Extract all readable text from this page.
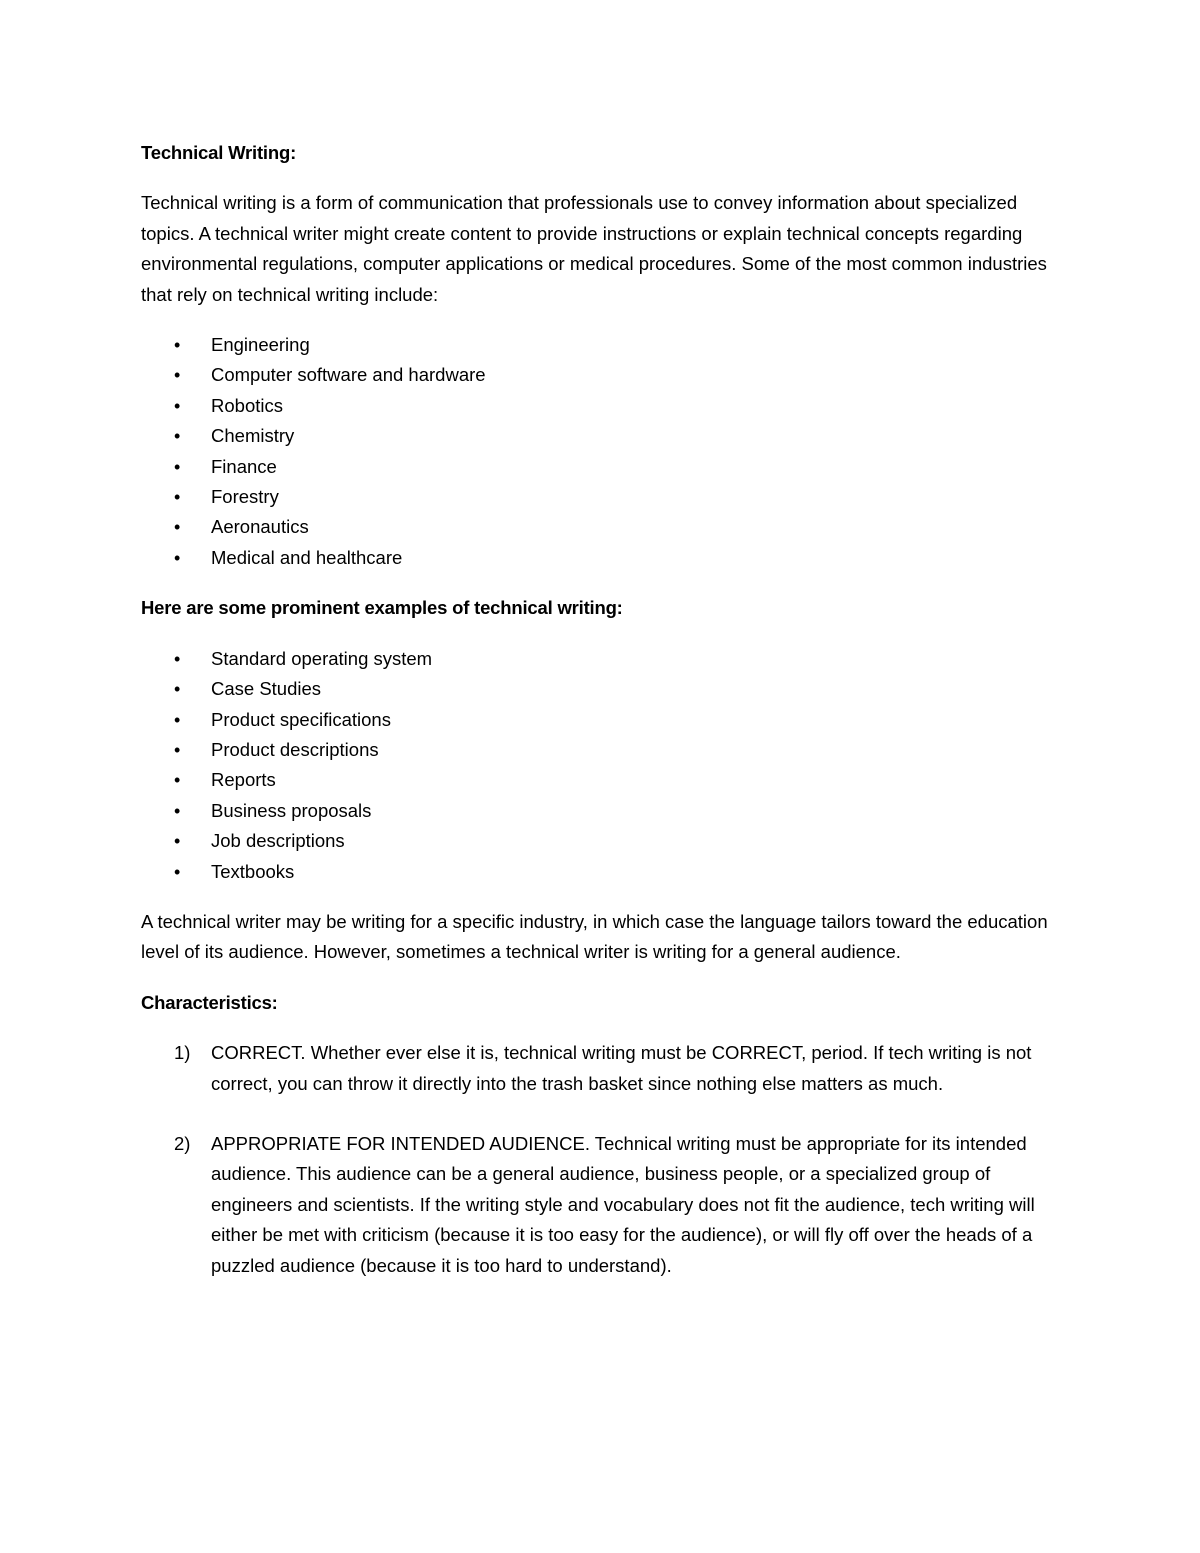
Technical Writing:

Technical writing is a form of communication that professionals use to convey information about specialized topics. A technical writer might create content to provide instructions or explain technical concepts regarding environmental regulations, computer applications or medical procedures. Some of the most common industries that rely on technical writing include:

• Engineering
• Computer software and hardware
• Robotics
• Chemistry
• Finance
• Forestry
• Aeronautics
• Medical and healthcare
Here are some prominent examples of technical writing:
• Standard operating system
• Case Studies
• Product specifications
• Product descriptions
• Reports
• Business proposals
• Job descriptions
• Textbooks

A technical writer may be writing for a specific industry, in which case the language tailors toward the education level of its audience. However, sometimes a technical writer is writing for a general audience.

Characteristics:
1) CORRECT. Whether ever else it is, technical writing must be CORRECT, period. If tech writing is not correct, you can throw it directly into the trash basket since nothing else matters as much.
2) APPROPRIATE FOR INTENDED AUDIENCE. Technical writing must be appropriate for its intended audience. This audience can be a general audience, business people, or a specialized group of engineers and scientists. If the writing style and vocabulary does not fit the audience, tech writing will either be met with criticism (because it is too easy for the audience), or will fly off over the heads of a puzzled audience (because it is too hard to understand).
